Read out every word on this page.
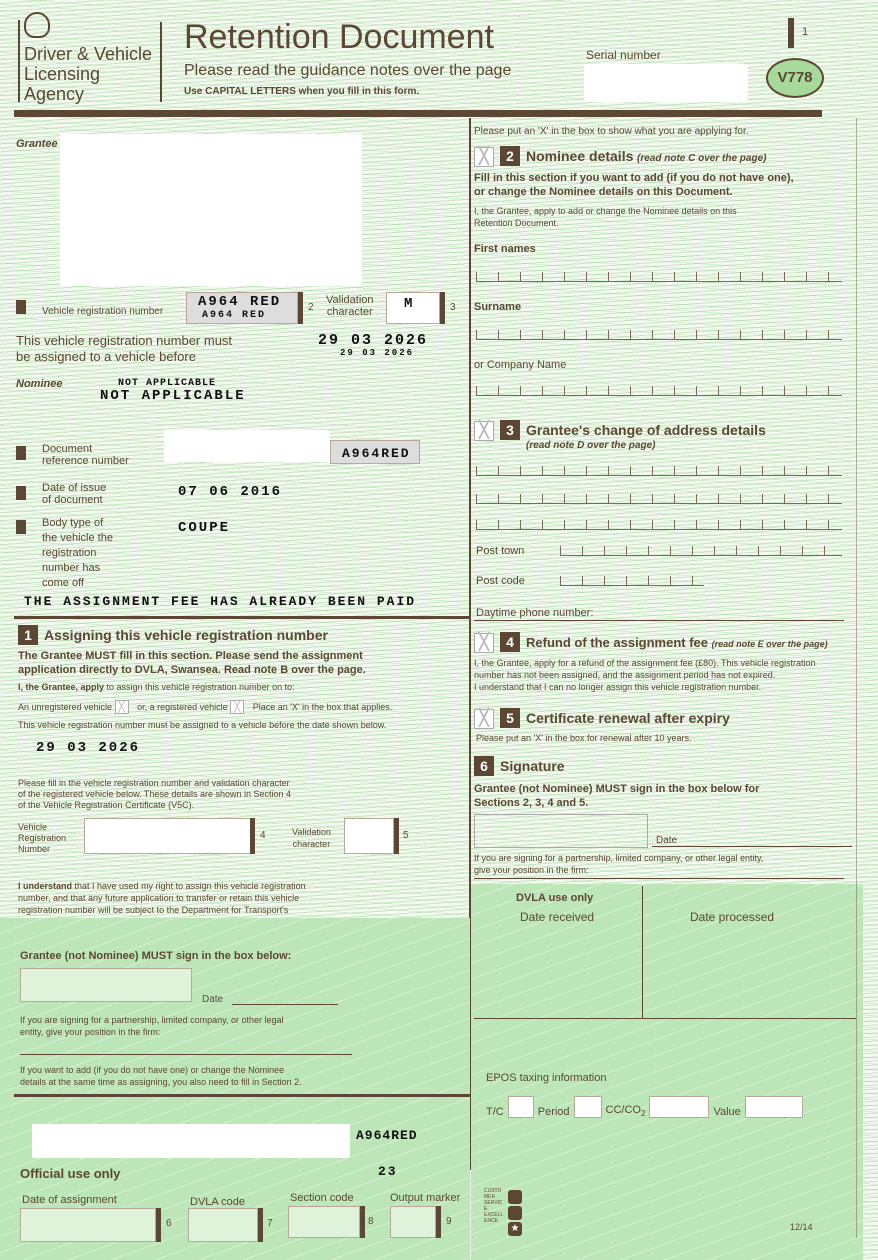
Driver & Vehicle
Licensing
Agency
Retention Document
Please read the guidance notes over the page
Use CAPITAL LETTERS when you fill in this form.
Serial number
1
V778
Grantee
Vehicle registration number
A964 RED
A964 RED
2
Validation
character M	3
This vehicle registration number must
be assigned to a vehicle before
29 03 2026
29 03 2026
Nominee	NOT APPLICABLE
NOT APPLICABLE
Document
reference number	A964RED
Date of issue
of document	07 06 2016
Body type of
the vehicle the
registration
number has
come off
COUPE
THE ASSIGNMENT FEE HAS ALREADY BEEN PAID
1 Assigning this vehicle registration number
The Grantee MUST fill in this section. Please send the assignment
application directly to DVLA, Swansea. Read note B over the page.
I, the Grantee, apply to assign this vehicle registration number on to:
An unregistered vehicle ╳ or, a registered vehicle ╳ Place an 'X' in the box that applies.
This vehicle registration number must be assigned to a vehicle before the date shown below.
29 03 2026
Please fill in the vehicle registration number and validation character
of the registered vehicle below. These details are shown in Section 4
of the Vehicle Registration Certificate (V5C).
Vehicle
Registration
Number
4	Validation
character
5
I understand that I have used my right to assign this vehicle registration
number, and that any future application to transfer or retain this vehicle
registration number will be subject to the Department for Transport's
Grantee (not Nominee) MUST sign in the box below:
Date
If you are signing for a partnership, limited company, or other legal
entity, give your position in the firm:
If you want to add (if you do not have one) or change the Nominee
details at the same time as assigning, you also need to fill in Section 2.
A964RED
23
Official use only
Date of assignment
6
DVLA code
7
Section code
8
Output marker
9
Please put an 'X' in the box to show what you are applying for.
╳ 2 Nominee details (read note C over the page)
Fill in this section if you want to add (if you do not have one),
or change the Nominee details on this Document.
I, the Grantee, apply to add or change the Nominee details on this
Retention Document.
First names
Surname
or Company Name
╳ 3 Grantee's change of address details
(read note D over the page)
Post town
Post code
Daytime phone number:
╳ 4 Refund of the assignment fee (read note E over the page)
I, the Grantee, apply for a refund of the assignment fee (£80). This vehicle registration
number has not been assigned, and the assignment period has not expired.
I understand that I can no longer assign this vehicle registration number.
╳ 5 Certificate renewal after expiry
Please put an 'X' in the box for renewal after 10 years.
6 Signature
Grantee (not Nominee) MUST sign in the box below for
Sections 2, 3, 4 and 5.
Date
If you are signing for a partnership, limited company, or other legal entity,
give your position in the firm:
DVLA use only
Date received	Date processed
EPOS taxing information
T/C	Period	$CC/CO_2$	Value
CUSTOMER SERVICE EXCELLENCE
★	12/14
